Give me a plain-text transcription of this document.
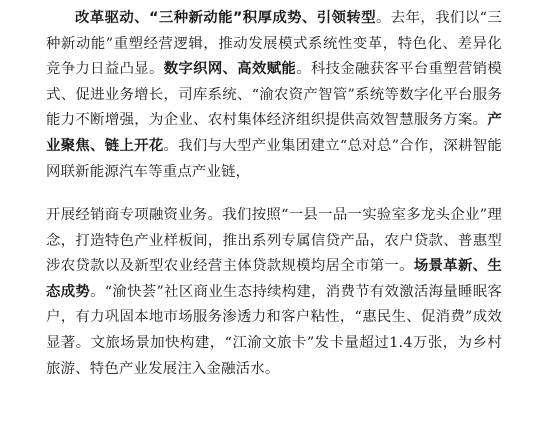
改革驱动、“三种新动能”积厚成势、引领转型。去年，我们以“三种新动能”重塑经营逻辑，推动发展模式系统性变革，特色化、差异化竞争力日益凸显。数字织网、高效赋能。科技金融获客平台重塑营销模式、促进业务增长，司库系统、“渝农资产智管”系统等数字化平台服务能力不断增强，为企业、农村集体经济组织提供高效智慧服务方案。产业聚焦、链上开花。我们与大型产业集团建立“总对总”合作，深耕智能网联新能源汽车等重点产业链，

开展经销商专项融资业务。我们按照“一县一品一实验室多龙头企业”理念，打造特色产业样板间，推出系列专属信贷产品，农户贷款、普惠型涉农贷款以及新型农业经营主体贷款规模均居全市第一。场景革新、生态成势。“渝快荟”社区商业生态持续构建，消费节有效激活海量睡眠客户，有力巩固本地市场服务渗透力和客户粘性，“惠民生、促消费”成效显著。文旅场景加快构建，“江渝文旅卡”发卡量超过1.4万张，为乡村旅游、特色产业发展注入金融活水。
